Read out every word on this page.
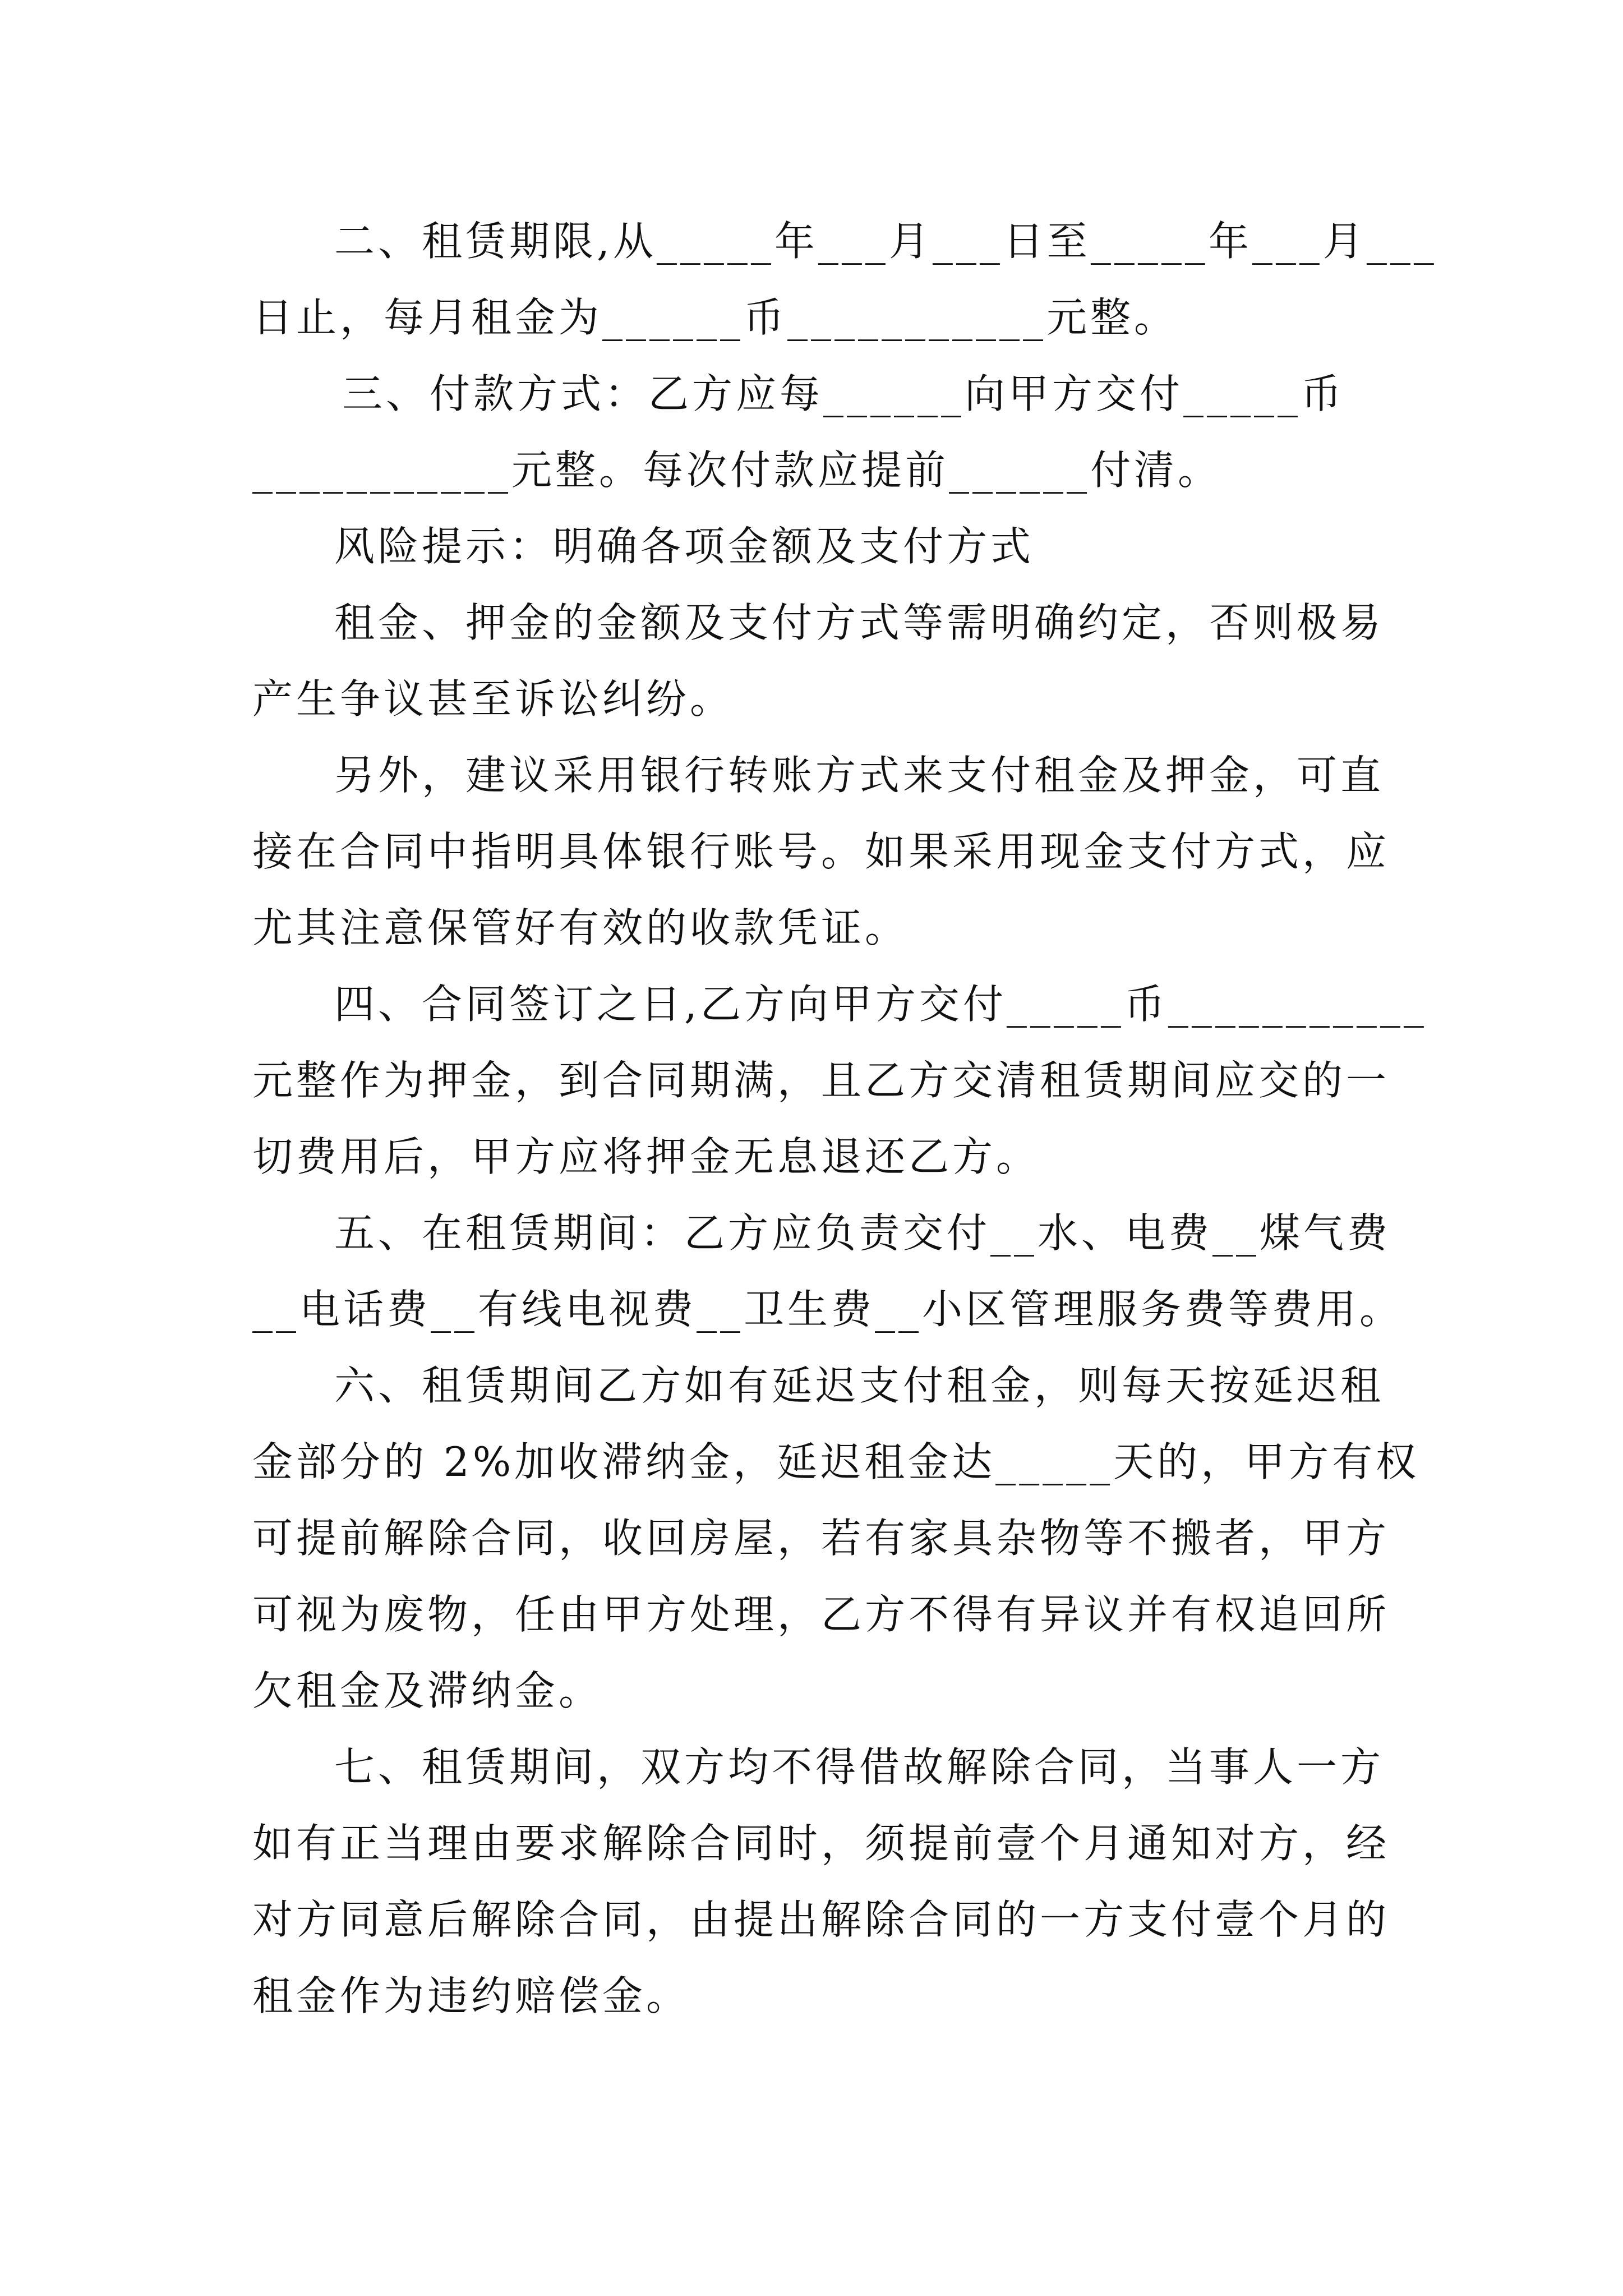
二、租赁期限,从_____年___月___日至_____年___月___
日止，每月租金为______币___________元整。
三、付款方式：乙方应每______向甲方交付_____币
___________元整。每次付款应提前______付清。
风险提示：明确各项金额及支付方式
租金、押金的金额及支付方式等需明确约定，否则极易
产生争议甚至诉讼纠纷。
另外，建议采用银行转账方式来支付租金及押金，可直
接在合同中指明具体银行账号。如果采用现金支付方式，应
尤其注意保管好有效的收款凭证。
四、合同签订之日,乙方向甲方交付_____币___________
元整作为押金，到合同期满，且乙方交清租赁期间应交的一
切费用后，甲方应将押金无息退还乙方。
五、在租赁期间：乙方应负责交付__水、电费__煤气费
__电话费__有线电视费__卫生费__小区管理服务费等费用。
六、租赁期间乙方如有延迟支付租金，则每天按延迟租
金部分的 2%加收滞纳金，延迟租金达_____天的，甲方有权
可提前解除合同，收回房屋，若有家具杂物等不搬者，甲方
可视为废物，任由甲方处理，乙方不得有异议并有权追回所
欠租金及滞纳金。
七、租赁期间，双方均不得借故解除合同，当事人一方
如有正当理由要求解除合同时，须提前壹个月通知对方，经
对方同意后解除合同，由提出解除合同的一方支付壹个月的
租金作为违约赔偿金。
